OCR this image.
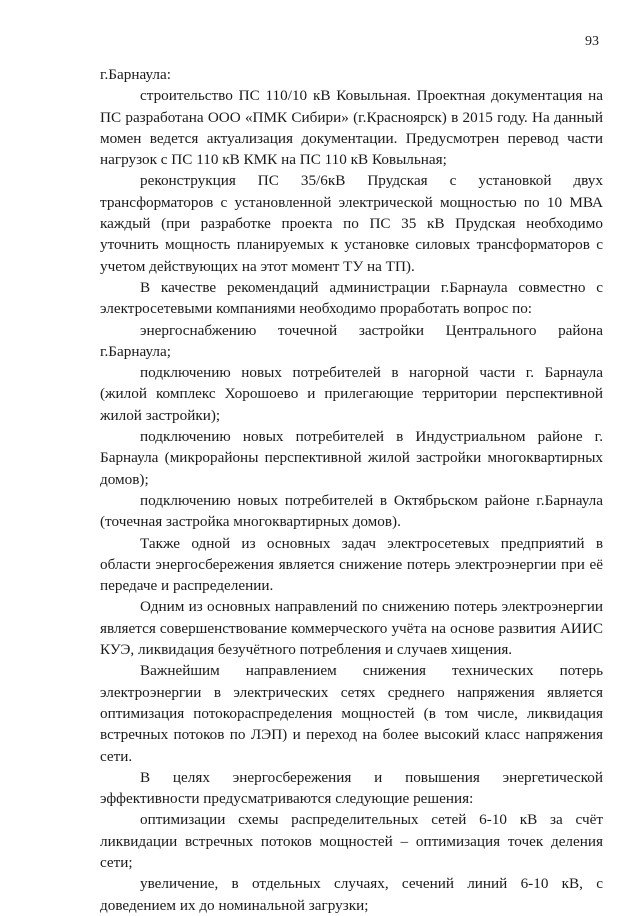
93

г.Барнаула:

строительство ПС 110/10 кВ Ковыльная. Проектная документация на ПС разработана ООО «ПМК Сибири» (г.Красноярск) в 2015 году. На данный момен ведется актуализация документации. Предусмотрен перевод части нагрузок с ПС 110 кВ КМК на ПС 110 кВ Ковыльная;

реконструкция ПС 35/6кВ Прудская с установкой двух трансформаторов с установленной электрической мощностью по 10 МВА каждый (при разработке проекта по ПС 35 кВ Прудская необходимо уточнить мощность планируемых к установке силовых трансформаторов с учетом действующих на этот момент ТУ на ТП).

В качестве рекомендаций администрации г.Барнаула совместно с электросетевыми компаниями необходимо проработать вопрос по:

энергоснабжению точечной застройки Центрального района г.Барнаула;

подключению новых потребителей в нагорной части г. Барнаула (жилой комплекс Хорошоево и прилегающие территории перспективной жилой застройки);

подключению новых потребителей в Индустриальном районе г. Барнаула (микрорайоны перспективной жилой застройки многоквартирных домов);

подключению новых потребителей в Октябрьском районе г.Барнаула (точечная застройка многоквартирных домов).

Также одной из основных задач электросетевых предприятий в области энергосбережения является снижение потерь электроэнергии при её передаче и распределении.

Одним из основных направлений по снижению потерь электроэнергии является совершенствование коммерческого учёта на основе развития АИИС КУЭ, ликвидация безучётного потребления и случаев хищения.

Важнейшим направлением снижения технических потерь электроэнергии в электрических сетях среднего напряжения является оптимизация потокораспределения мощностей (в том числе, ликвидация встречных потоков по ЛЭП) и переход на более высокий класс напряжения сети.

В целях энергосбережения и повышения энергетической эффективности предусматриваются следующие решения:

оптимизации схемы распределительных сетей 6-10 кВ за счёт ликвидации встречных потоков мощностей – оптимизация точек деления сети;

увеличение, в отдельных случаях, сечений линий 6-10 кВ, с доведением их до номинальной загрузки;
